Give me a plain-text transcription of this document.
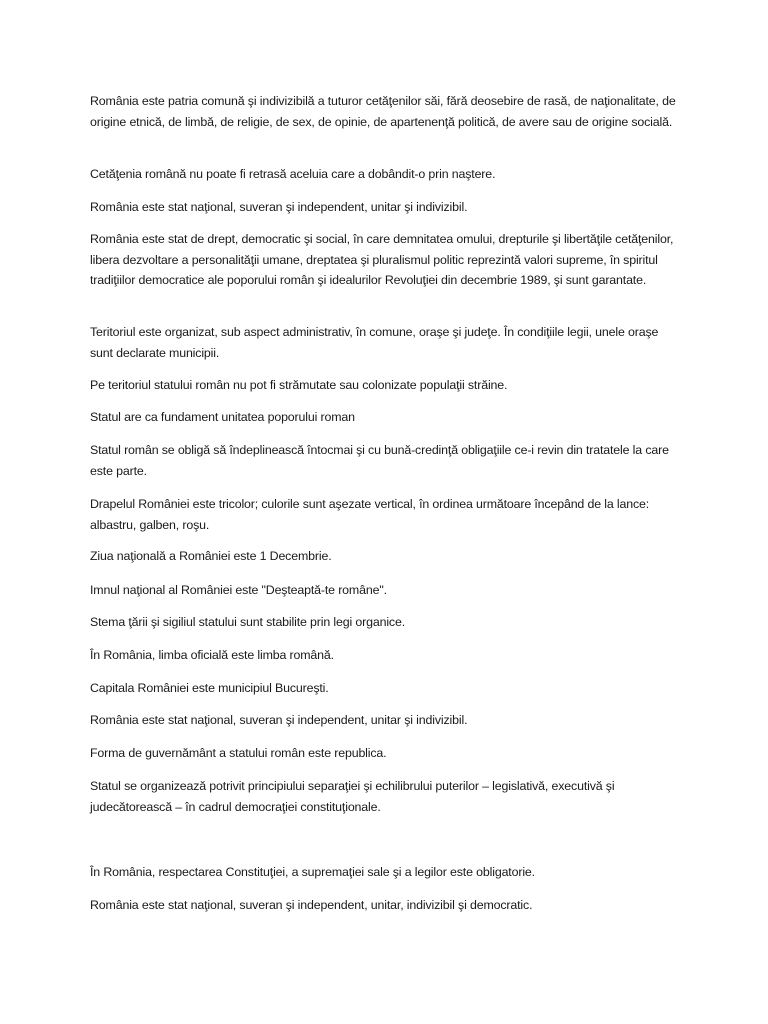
România este patria comună şi indivizibilă a tuturor cetăţenilor săi, fără deosebire de rasă, de naţionalitate, de origine etnică, de limbă, de religie, de sex, de opinie, de apartenenţă politică, de avere sau de origine socială.

Cetăţenia română nu poate fi retrasă aceluia care a dobândit-o prin naştere.

România este stat naţional, suveran şi independent, unitar şi indivizibil.

România este stat de drept, democratic şi social, în care demnitatea omului, drepturile şi libertăţile cetăţenilor, libera dezvoltare a personalităţii umane, dreptatea şi pluralismul politic reprezintă valori supreme, în spiritul tradiţiilor democratice ale poporului român şi idealurilor Revoluţiei din decembrie 1989, şi sunt garantate.

Teritoriul este organizat, sub aspect administrativ, în comune, oraşe şi judeţe. În condiţiile legii, unele oraşe sunt declarate municipii.

Pe teritoriul statului român nu pot fi strămutate sau colonizate populaţii străine.

Statul are ca fundament unitatea poporului roman

Statul român se obligă să îndeplinească întocmai şi cu bună-credinţă obligaţiile ce-i revin din tratatele la care este parte.

Drapelul României este tricolor; culorile sunt aşezate vertical, în ordinea următoare începând de la lance: albastru, galben, roşu.

Ziua naţională a României este 1 Decembrie.

Imnul naţional al României este "Deşteaptă-te române".

Stema ţării şi sigiliul statului sunt stabilite prin legi organice.

În România, limba oficială este limba română.

Capitala României este municipiul Bucureşti.

România este stat naţional, suveran şi independent, unitar şi indivizibil.

Forma de guvernământ a statului român este republica.

Statul se organizează potrivit principiului separaţiei şi echilibrului puterilor – legislativă, executivă şi judecătorească – în cadrul democraţiei constituţionale.

În România, respectarea Constituţiei, a supremaţiei sale şi a legilor este obligatorie.

România este stat naţional, suveran şi independent, unitar, indivizibil şi democratic.
